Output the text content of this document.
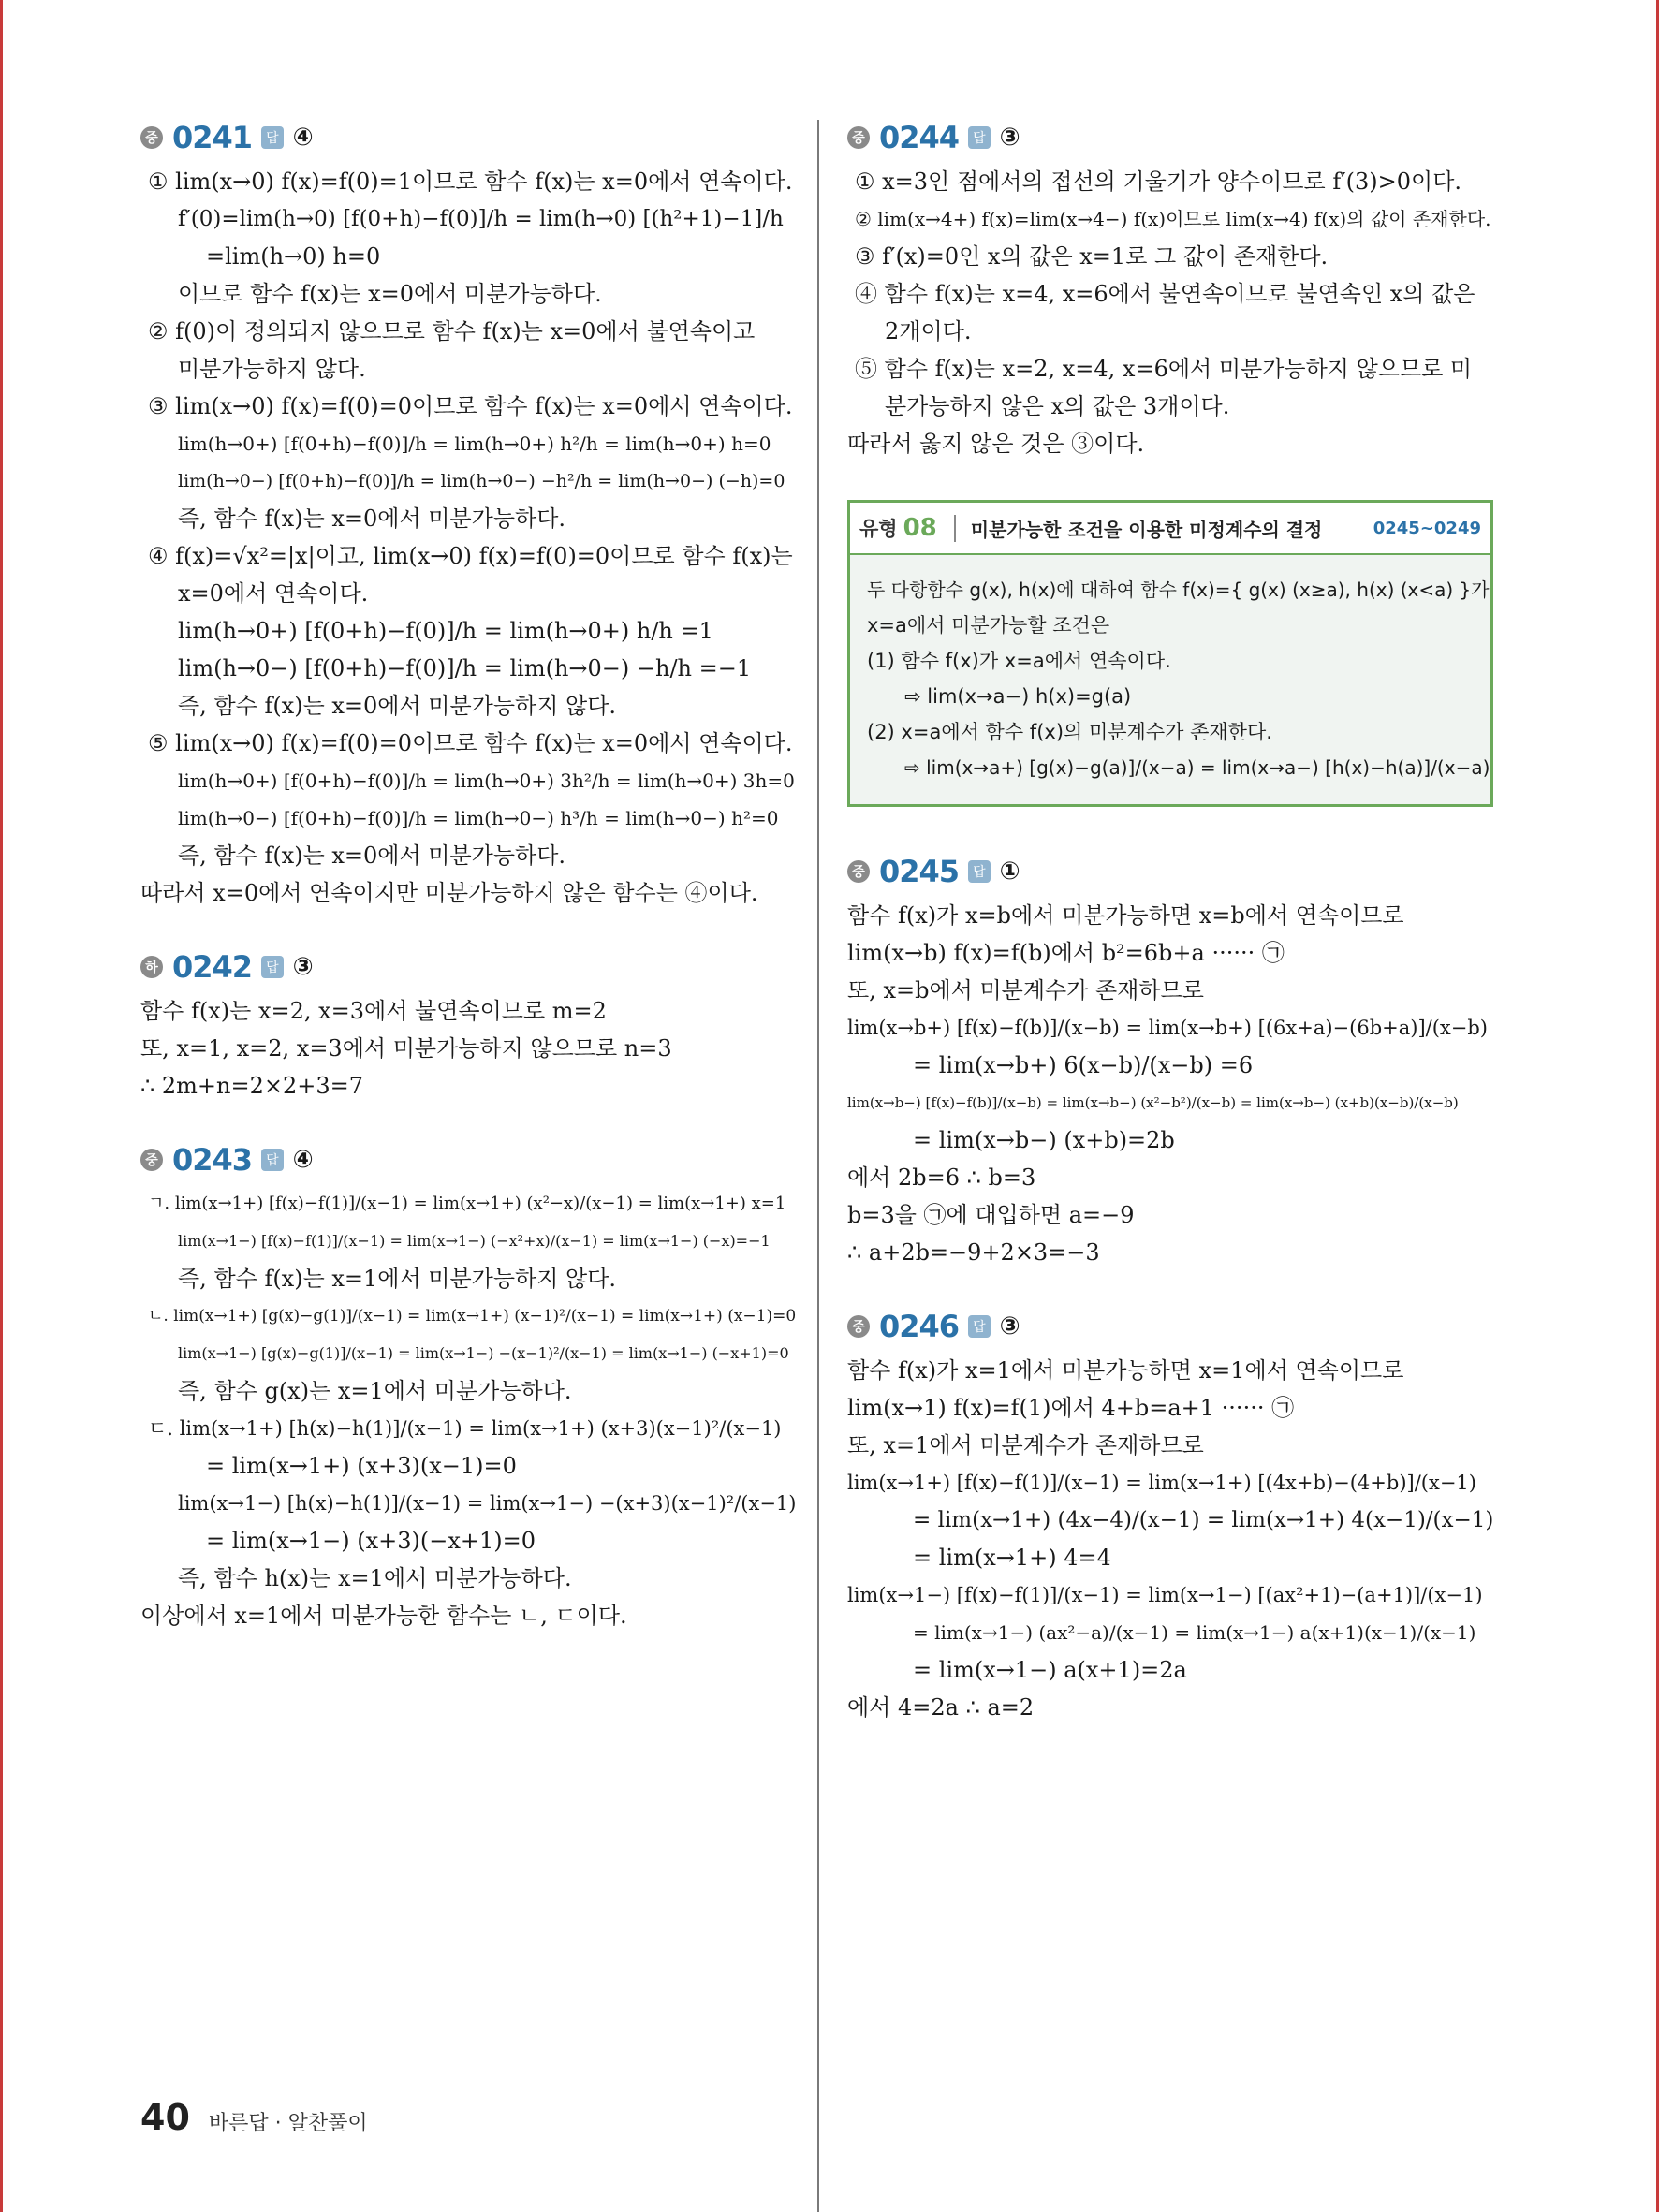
중 0241	답 ④
① lim(x→0) f(x)=f(0)=1이므로 함수 f(x)는 x=0에서 연속이다.
f′(0)=lim(h→0) [f(0+h)−f(0)]/h = lim(h→0) [(h²+1)−1]/h
=lim(h→0) h=0
이므로 함수 f(x)는 x=0에서 미분가능하다.
② f(0)이 정의되지 않으므로 함수 f(x)는 x=0에서 불연속이고
미분가능하지 않다.
③ lim(x→0) f(x)=f(0)=0이므로 함수 f(x)는 x=0에서 연속이다.
lim(h→0+) [f(0+h)−f(0)]/h = lim(h→0+) h²/h = lim(h→0+) h=0
lim(h→0−) [f(0+h)−f(0)]/h = lim(h→0−) −h²/h = lim(h→0−) (−h)=0
즉, 함수 f(x)는 x=0에서 미분가능하다.
④ f(x)=√x²=|x|이고, lim(x→0) f(x)=f(0)=0이므로 함수 f(x)는
x=0에서 연속이다.
lim(h→0+) [f(0+h)−f(0)]/h = lim(h→0+) h/h =1
lim(h→0−) [f(0+h)−f(0)]/h = lim(h→0−) −h/h =−1
즉, 함수 f(x)는 x=0에서 미분가능하지 않다.
⑤ lim(x→0) f(x)=f(0)=0이므로 함수 f(x)는 x=0에서 연속이다.
lim(h→0+) [f(0+h)−f(0)]/h = lim(h→0+) 3h²/h = lim(h→0+) 3h=0
lim(h→0−) [f(0+h)−f(0)]/h = lim(h→0−) h³/h = lim(h→0−) h²=0
즉, 함수 f(x)는 x=0에서 미분가능하다.
따라서 x=0에서 연속이지만 미분가능하지 않은 함수는 ④이다.
하 0242	답 ③
함수 f(x)는 x=2, x=3에서 불연속이므로 m=2
또, x=1, x=2, x=3에서 미분가능하지 않으므로 n=3
∴ 2m+n=2×2+3=7
중 0243	답 ④
ㄱ. lim(x→1+) [f(x)−f(1)]/(x−1) = lim(x→1+) (x²−x)/(x−1) = lim(x→1+) x=1
lim(x→1−) [f(x)−f(1)]/(x−1) = lim(x→1−) (−x²+x)/(x−1) = lim(x→1−) (−x)=−1
즉, 함수 f(x)는 x=1에서 미분가능하지 않다.
ㄴ. lim(x→1+) [g(x)−g(1)]/(x−1) = lim(x→1+) (x−1)²/(x−1) = lim(x→1+) (x−1)=0
lim(x→1−) [g(x)−g(1)]/(x−1) = lim(x→1−) −(x−1)²/(x−1) = lim(x→1−) (−x+1)=0
즉, 함수 g(x)는 x=1에서 미분가능하다.
ㄷ. lim(x→1+) [h(x)−h(1)]/(x−1) = lim(x→1+) (x+3)(x−1)²/(x−1)
= lim(x→1+) (x+3)(x−1)=0
lim(x→1−) [h(x)−h(1)]/(x−1) = lim(x→1−) −(x+3)(x−1)²/(x−1)
= lim(x→1−) (x+3)(−x+1)=0
즉, 함수 h(x)는 x=1에서 미분가능하다.
이상에서 x=1에서 미분가능한 함수는 ㄴ, ㄷ이다.
중 0244	답 ③
① x=3인 점에서의 접선의 기울기가 양수이므로 f′(3)>0이다.
② lim(x→4+) f(x)=lim(x→4−) f(x)이므로 lim(x→4) f(x)의 값이 존재한다.
③ f′(x)=0인 x의 값은 x=1로 그 값이 존재한다.
④ 함수 f(x)는 x=4, x=6에서 불연속이므로 불연속인 x의 값은
2개이다.
⑤ 함수 f(x)는 x=2, x=4, x=6에서 미분가능하지 않으므로 미
분가능하지 않은 x의 값은 3개이다.
따라서 옳지 않은 것은 ③이다.
유형 08	미분가능한 조건을 이용한 미정계수의 결정	0245~0249
두 다항함수 g(x), h(x)에 대하여 함수 f(x)={ g(x) (x≥a), h(x) (x<a) }가
x=a에서 미분가능할 조건은
(1) 함수 f(x)가 x=a에서 연속이다.
⇨ lim(x→a−) h(x)=g(a)
(2) x=a에서 함수 f(x)의 미분계수가 존재한다.
⇨ lim(x→a+) [g(x)−g(a)]/(x−a) = lim(x→a−) [h(x)−h(a)]/(x−a)
중 0245	답 ①
함수 f(x)가 x=b에서 미분가능하면 x=b에서 연속이므로
lim(x→b) f(x)=f(b)에서 b²=6b+a ······ ㉠
또, x=b에서 미분계수가 존재하므로
lim(x→b+) [f(x)−f(b)]/(x−b) = lim(x→b+) [(6x+a)−(6b+a)]/(x−b)
= lim(x→b+) 6(x−b)/(x−b) =6
lim(x→b−) [f(x)−f(b)]/(x−b) = lim(x→b−) (x²−b²)/(x−b) = lim(x→b−) (x+b)(x−b)/(x−b)
= lim(x→b−) (x+b)=2b
에서 2b=6 ∴ b=3
b=3을 ㉠에 대입하면 a=−9
∴ a+2b=−9+2×3=−3
중 0246	답 ③
함수 f(x)가 x=1에서 미분가능하면 x=1에서 연속이므로
lim(x→1) f(x)=f(1)에서 4+b=a+1 ······ ㉠
또, x=1에서 미분계수가 존재하므로
lim(x→1+) [f(x)−f(1)]/(x−1) = lim(x→1+) [(4x+b)−(4+b)]/(x−1)
= lim(x→1+) (4x−4)/(x−1) = lim(x→1+) 4(x−1)/(x−1)
= lim(x→1+) 4=4
lim(x→1−) [f(x)−f(1)]/(x−1) = lim(x→1−) [(ax²+1)−(a+1)]/(x−1)
= lim(x→1−) (ax²−a)/(x−1) = lim(x→1−) a(x+1)(x−1)/(x−1)
= lim(x→1−) a(x+1)=2a
에서 4=2a ∴ a=2
40 바른답 · 알찬풀이
